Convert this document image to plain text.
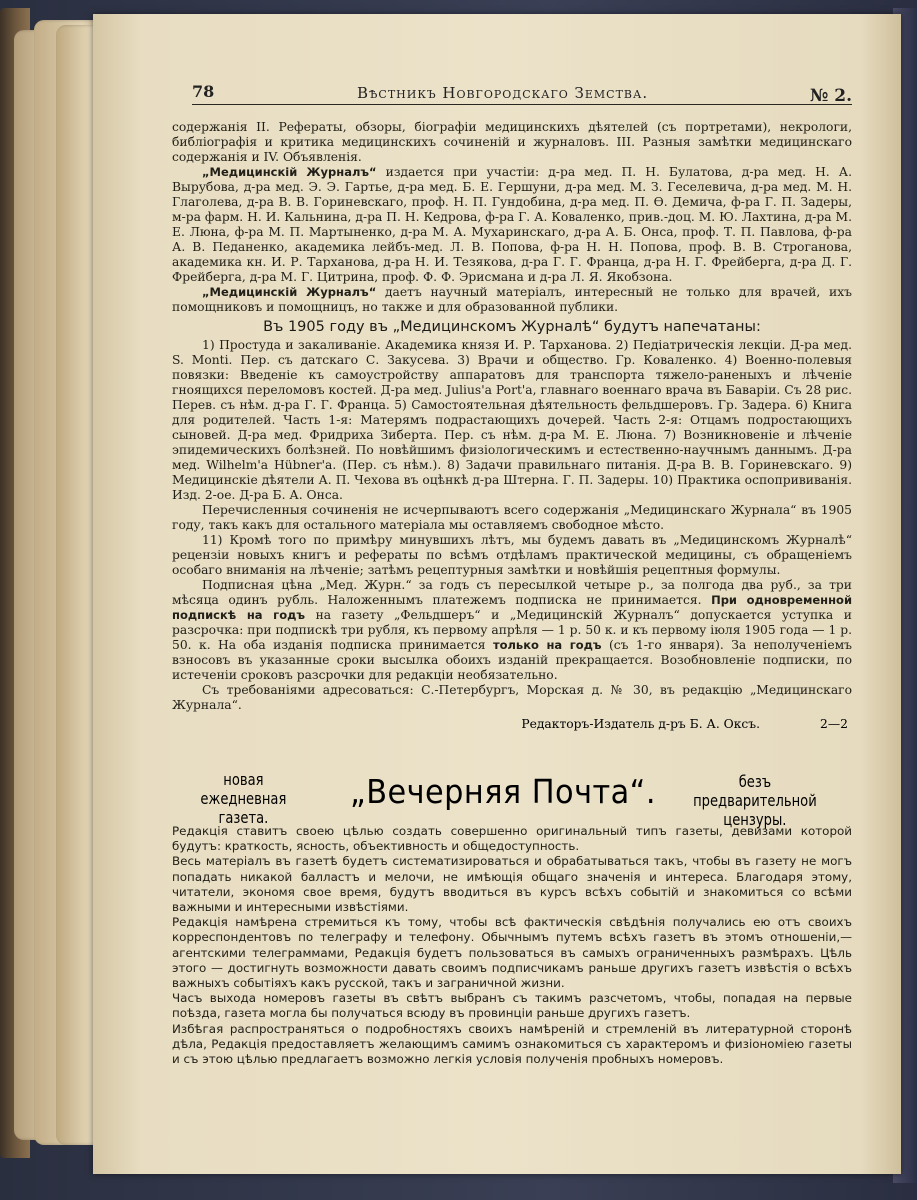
78	Вѣстникъ Новгородскаго Земства.	№ 2.

содержанія II. Рефераты, обзоры, біографіи медицинскихъ дѣятелей (съ портретами), некрологи, библіографія и критика медицинскихъ сочиненій и журналовъ. III. Разныя замѣтки медицинскаго содержанія и IV. Объявленія.

„Медицинскій Журналъ“ издается при участіи: д-ра мед. П. Н. Булатова, д-ра мед. Н. А. Вырубова, д-ра мед. Э. Э. Гартье, д-ра мед. Б. Е. Гершуни, д-ра мед. М. З. Геселевича, д-ра мед. М. Н. Глаголева, д-ра В. В. Гориневскаго, проф. Н. П. Гундобина, д-ра мед. П. Ө. Демича, ф-ра Г. П. Задеры, м-ра фарм. Н. И. Кальнина, д-ра П. Н. Кедрова, ф-ра Г. А. Коваленко, прив.-доц. М. Ю. Лахтина, д-ра М. Е. Люна, ф-ра М. П. Мартыненко, д-ра М. А. Мухаринскаго, д-ра А. Б. Онса, проф. Т. П. Павлова, ф-ра А. В. Педаненко, академика лейбъ-мед. Л. В. Попова, ф-ра Н. Н. Попова, проф. В. В. Строганова, академика кн. И. Р. Тарханова, д-ра Н. И. Тезякова, д-ра Г. Г. Франца, д-ра Н. Г. Фрейберга, д-ра Д. Г. Фрейберга, д-ра М. Г. Цитрина, проф. Ф. Ф. Эрисмана и д-ра Л. Я. Якобзона.

„Медицинскій Журналъ“ даетъ научный матеріалъ, интересный не только для врачей, ихъ помощниковъ и помощницъ, но также и для образованной публики.

Въ 1905 году въ „Медицинскомъ Журналѣ“ будутъ напечатаны:

1) Простуда и закаливаніе. Академика князя И. Р. Тарханова. 2) Педіатрическія лекціи. Д-ра мед. S. Monti. Пер. съ датскаго С. Закусева. 3) Врачи и общество. Гр. Коваленко. 4) Военно-полевыя повязки: Введеніе къ самоустройству аппаратовъ для транспорта тяжело-раненыхъ и лѣченіе гноящихся переломовъ костей. Д-ра мед. Julius'a Port'a, главнаго военнаго врача въ Баваріи. Съ 28 рис. Перев. съ нѣм. д-ра Г. Г. Франца. 5) Самостоятельная дѣятельность фельдшеровъ. Гр. Задера. 6) Книга для родителей. Часть 1-я: Матерямъ подрастающихъ дочерей. Часть 2-я: Отцамъ подростающихъ сыновей. Д-ра мед. Фридриха Зиберта. Пер. съ нѣм. д-ра М. Е. Люна. 7) Возникновеніе и лѣченіе эпидемическихъ болѣзней. По новѣйшимъ физіологическимъ и естественно-научнымъ даннымъ. Д-ра мед. Wilhelm'a Hübner'a. (Пер. съ нѣм.). 8) Задачи правильнаго питанія. Д-ра В. В. Гориневскаго. 9) Медицинскіе дѣятели А. П. Чехова въ оцѣнкѣ д-ра Штерна. Г. П. Задеры. 10) Практика оспопрививанія. Изд. 2-ое. Д-ра Б. А. Онса.

Перечисленныя сочиненія не исчерпываютъ всего содержанія „Медицинскаго Журнала“ въ 1905 году, такъ какъ для остального матеріала мы оставляемъ свободное мѣсто.

11) Кромѣ того по примѣру минувшихъ лѣтъ, мы будемъ давать въ „Медицинскомъ Журналѣ“ рецензіи новыхъ книгъ и рефераты по всѣмъ отдѣламъ практической медицины, съ обращеніемъ особаго вниманія на лѣченіе; затѣмъ рецептурныя замѣтки и новѣйшія рецептныя формулы.

Подписная цѣна „Мед. Журн.“ за годъ съ пересылкой четыре р., за полгода два руб., за три мѣсяца одинъ рубль. Наложеннымъ платежемъ подписка не принимается. При одновременной подпискѣ на годъ на газету „Фельдшеръ“ и „Медицинскій Журналъ“ допускается уступка и разсрочка: при подпискѣ три рубля, къ первому апрѣля — 1 р. 50 к. и къ первому іюля 1905 года — 1 р. 50. к. На оба изданія подписка принимается только на годъ (съ 1-го января). За неполученіемъ взносовъ въ указанные сроки высылка обоихъ изданій прекращается. Возобновленіе подписки, по истеченіи сроковъ разсрочки для редакціи необязательно.

Съ требованіями адресоваться: С.-Петербургъ, Морская д. № 30, въ редакцію „Медицинскаго Журнала“.

Редакторъ-Издатель д-ръ Б. А. Оксъ.	2—2
новая ежедневная газета.
„Вечерняя Почта“.	безъ предварительной цензуры.

Редакція ставитъ своею цѣлью создать совершенно оригинальный типъ газеты, девизами которой будутъ: краткость, ясность, объективность и общедоступность.

Весь матеріалъ въ газетѣ будетъ систематизироваться и обрабатываться такъ, чтобы въ газету не могъ попадать никакой балластъ и мелочи, не имѣющія общаго значенія и интереса. Благодаря этому, читатели, экономя свое время, будутъ вводиться въ курсъ всѣхъ событій и знакомиться со всѣми важными и интересными извѣстіями.

Редакція намѣрена стремиться къ тому, чтобы всѣ фактическія свѣдѣнія получались ею отъ своихъ корреспондентовъ по телеграфу и телефону. Обычнымъ путемъ всѣхъ газетъ въ этомъ отношеніи,— агентскими телеграммами, Редакція будетъ пользоваться въ самыхъ ограниченныхъ размѣрахъ. Цѣль этого — достигнуть возможности давать своимъ подписчикамъ раньше другихъ газетъ извѣстія о всѣхъ важныхъ событіяхъ какъ русской, такъ и заграничной жизни.

Часъ выхода номеровъ газеты въ свѣтъ выбранъ съ такимъ разсчетомъ, чтобы, попадая на первые поѣзда, газета могла бы получаться всюду въ провинціи раньше другихъ газетъ.

Избѣгая распространяться о подробностяхъ своихъ намѣреній и стремленій въ литературной сторонѣ дѣла, Редакція предоставляетъ желающимъ самимъ ознакомиться съ характеромъ и физіономіею газеты и съ этою цѣлью предлагаетъ возможно легкія условія полученія пробныхъ номеровъ.
